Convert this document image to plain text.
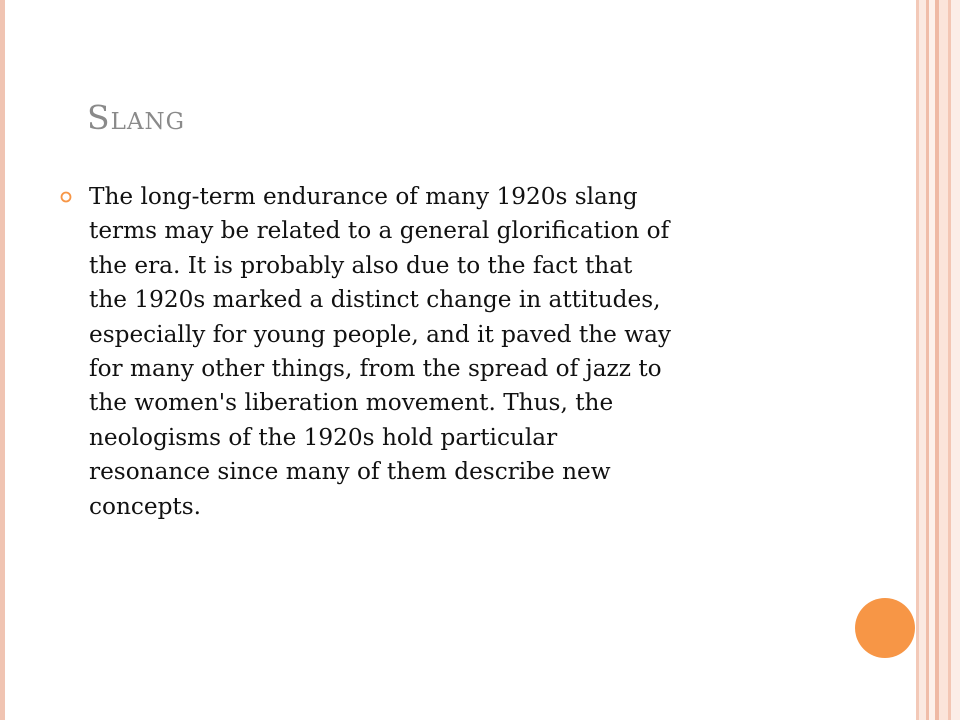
Slang

The long-term endurance of many 1920s slang
terms may be related to a general glorification of
the era. It is probably also due to the fact that
the 1920s marked a distinct change in attitudes,
especially for young people, and it paved the way
for many other things, from the spread of jazz to
the women's liberation movement. Thus, the
neologisms of the 1920s hold particular
resonance since many of them describe new
concepts.
